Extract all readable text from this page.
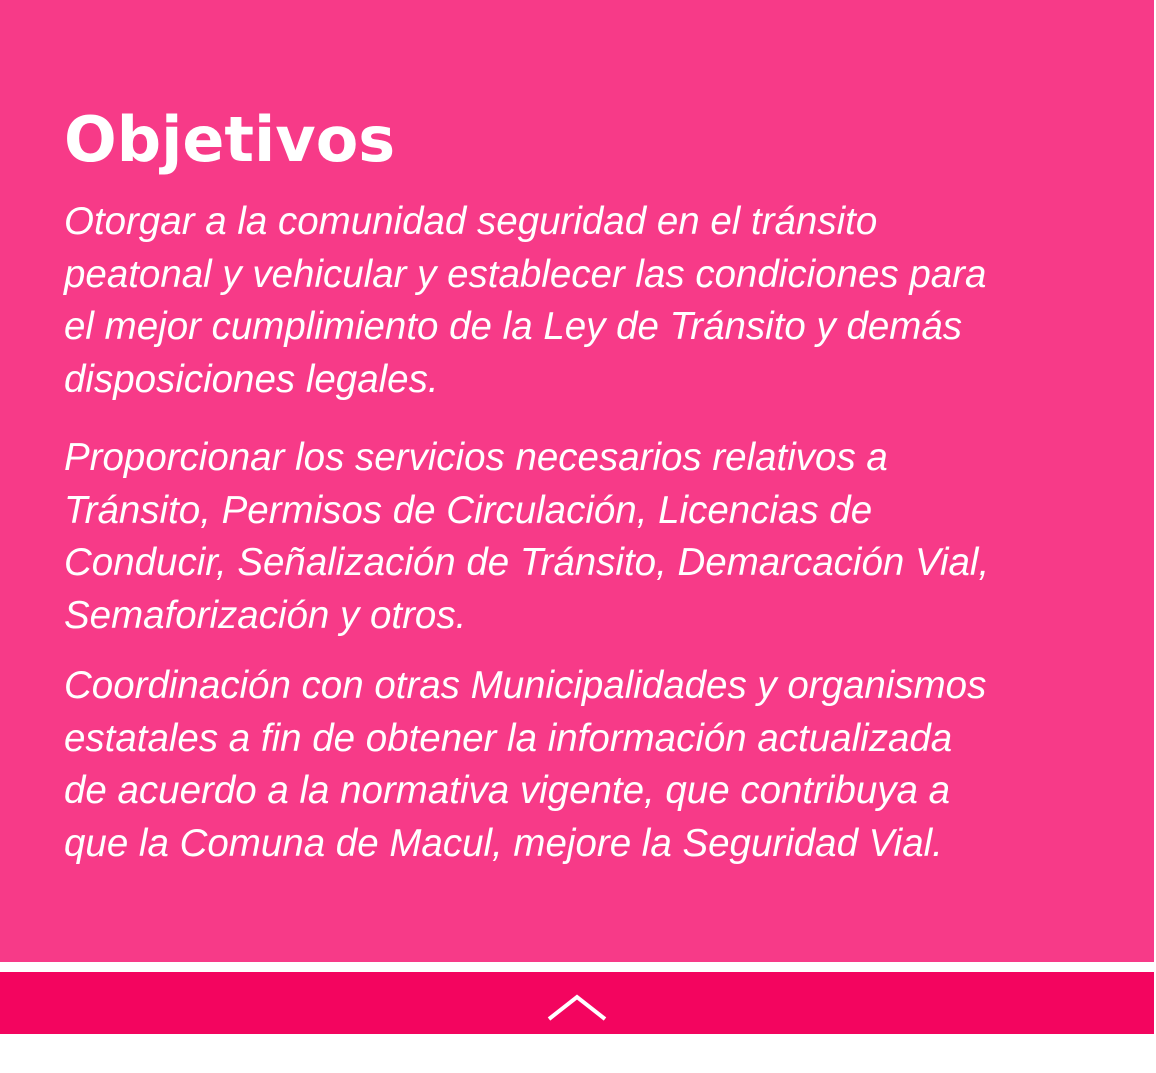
Objetivos

Otorgar a la comunidad seguridad en el tránsito
peatonal y vehicular y establecer las condiciones para
el mejor cumplimiento de la Ley de Tránsito y demás
disposiciones legales.

Proporcionar los servicios necesarios relativos a
Tránsito, Permisos de Circulación, Licencias de
Conducir, Señalización de Tránsito, Demarcación Vial,
Semaforización y otros.

Coordinación con otras Municipalidades y organismos
estatales a fin de obtener la información actualizada
de acuerdo a la normativa vigente, que contribuya a
que la Comuna de Macul, mejore la Seguridad Vial.
